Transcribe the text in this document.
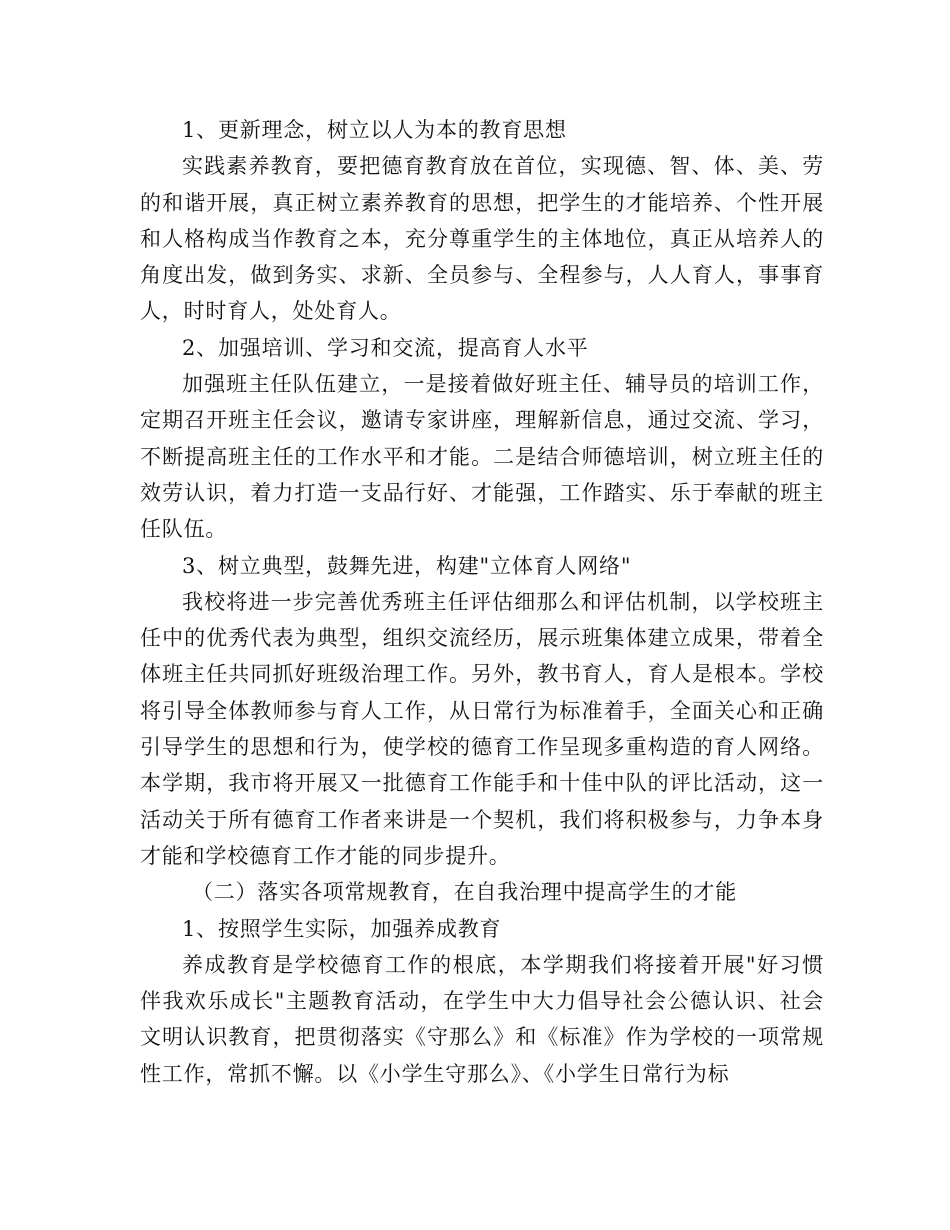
1、更新理念，树立以人为本的教育思想

实践素养教育，要把德育教育放在首位，实现德、智、体、美、劳的和谐开展，真正树立素养教育的思想，把学生的才能培养、个性开展和人格构成当作教育之本，充分尊重学生的主体地位，真正从培养人的角度出发，做到务实、求新、全员参与、全程参与，人人育人，事事育人，时时育人，处处育人。

2、加强培训、学习和交流，提高育人水平

加强班主任队伍建立，一是接着做好班主任、辅导员的培训工作，定期召开班主任会议，邀请专家讲座，理解新信息，通过交流、学习，不断提高班主任的工作水平和才能。二是结合师德培训，树立班主任的效劳认识，着力打造一支品行好、才能强，工作踏实、乐于奉献的班主任队伍。

3、树立典型，鼓舞先进，构建"立体育人网络"

我校将进一步完善优秀班主任评估细那么和评估机制，以学校班主任中的优秀代表为典型，组织交流经历，展示班集体建立成果，带着全体班主任共同抓好班级治理工作。另外，教书育人，育人是根本。学校将引导全体教师参与育人工作，从日常行为标准着手，全面关心和正确引导学生的思想和行为，使学校的德育工作呈现多重构造的育人网络。本学期，我市将开展又一批德育工作能手和十佳中队的评比活动，这一活动关于所有德育工作者来讲是一个契机，我们将积极参与，力争本身才能和学校德育工作才能的同步提升。

（二）落实各项常规教育，在自我治理中提高学生的才能

1、按照学生实际，加强养成教育

养成教育是学校德育工作的根底，本学期我们将接着开展"好习惯伴我欢乐成长"主题教育活动，在学生中大力倡导社会公德认识、社会文明认识教育，把贯彻落实《守那么》和《标准》作为学校的一项常规性工作，常抓不懈。以《小学生守那么》、《小学生日常行为标
